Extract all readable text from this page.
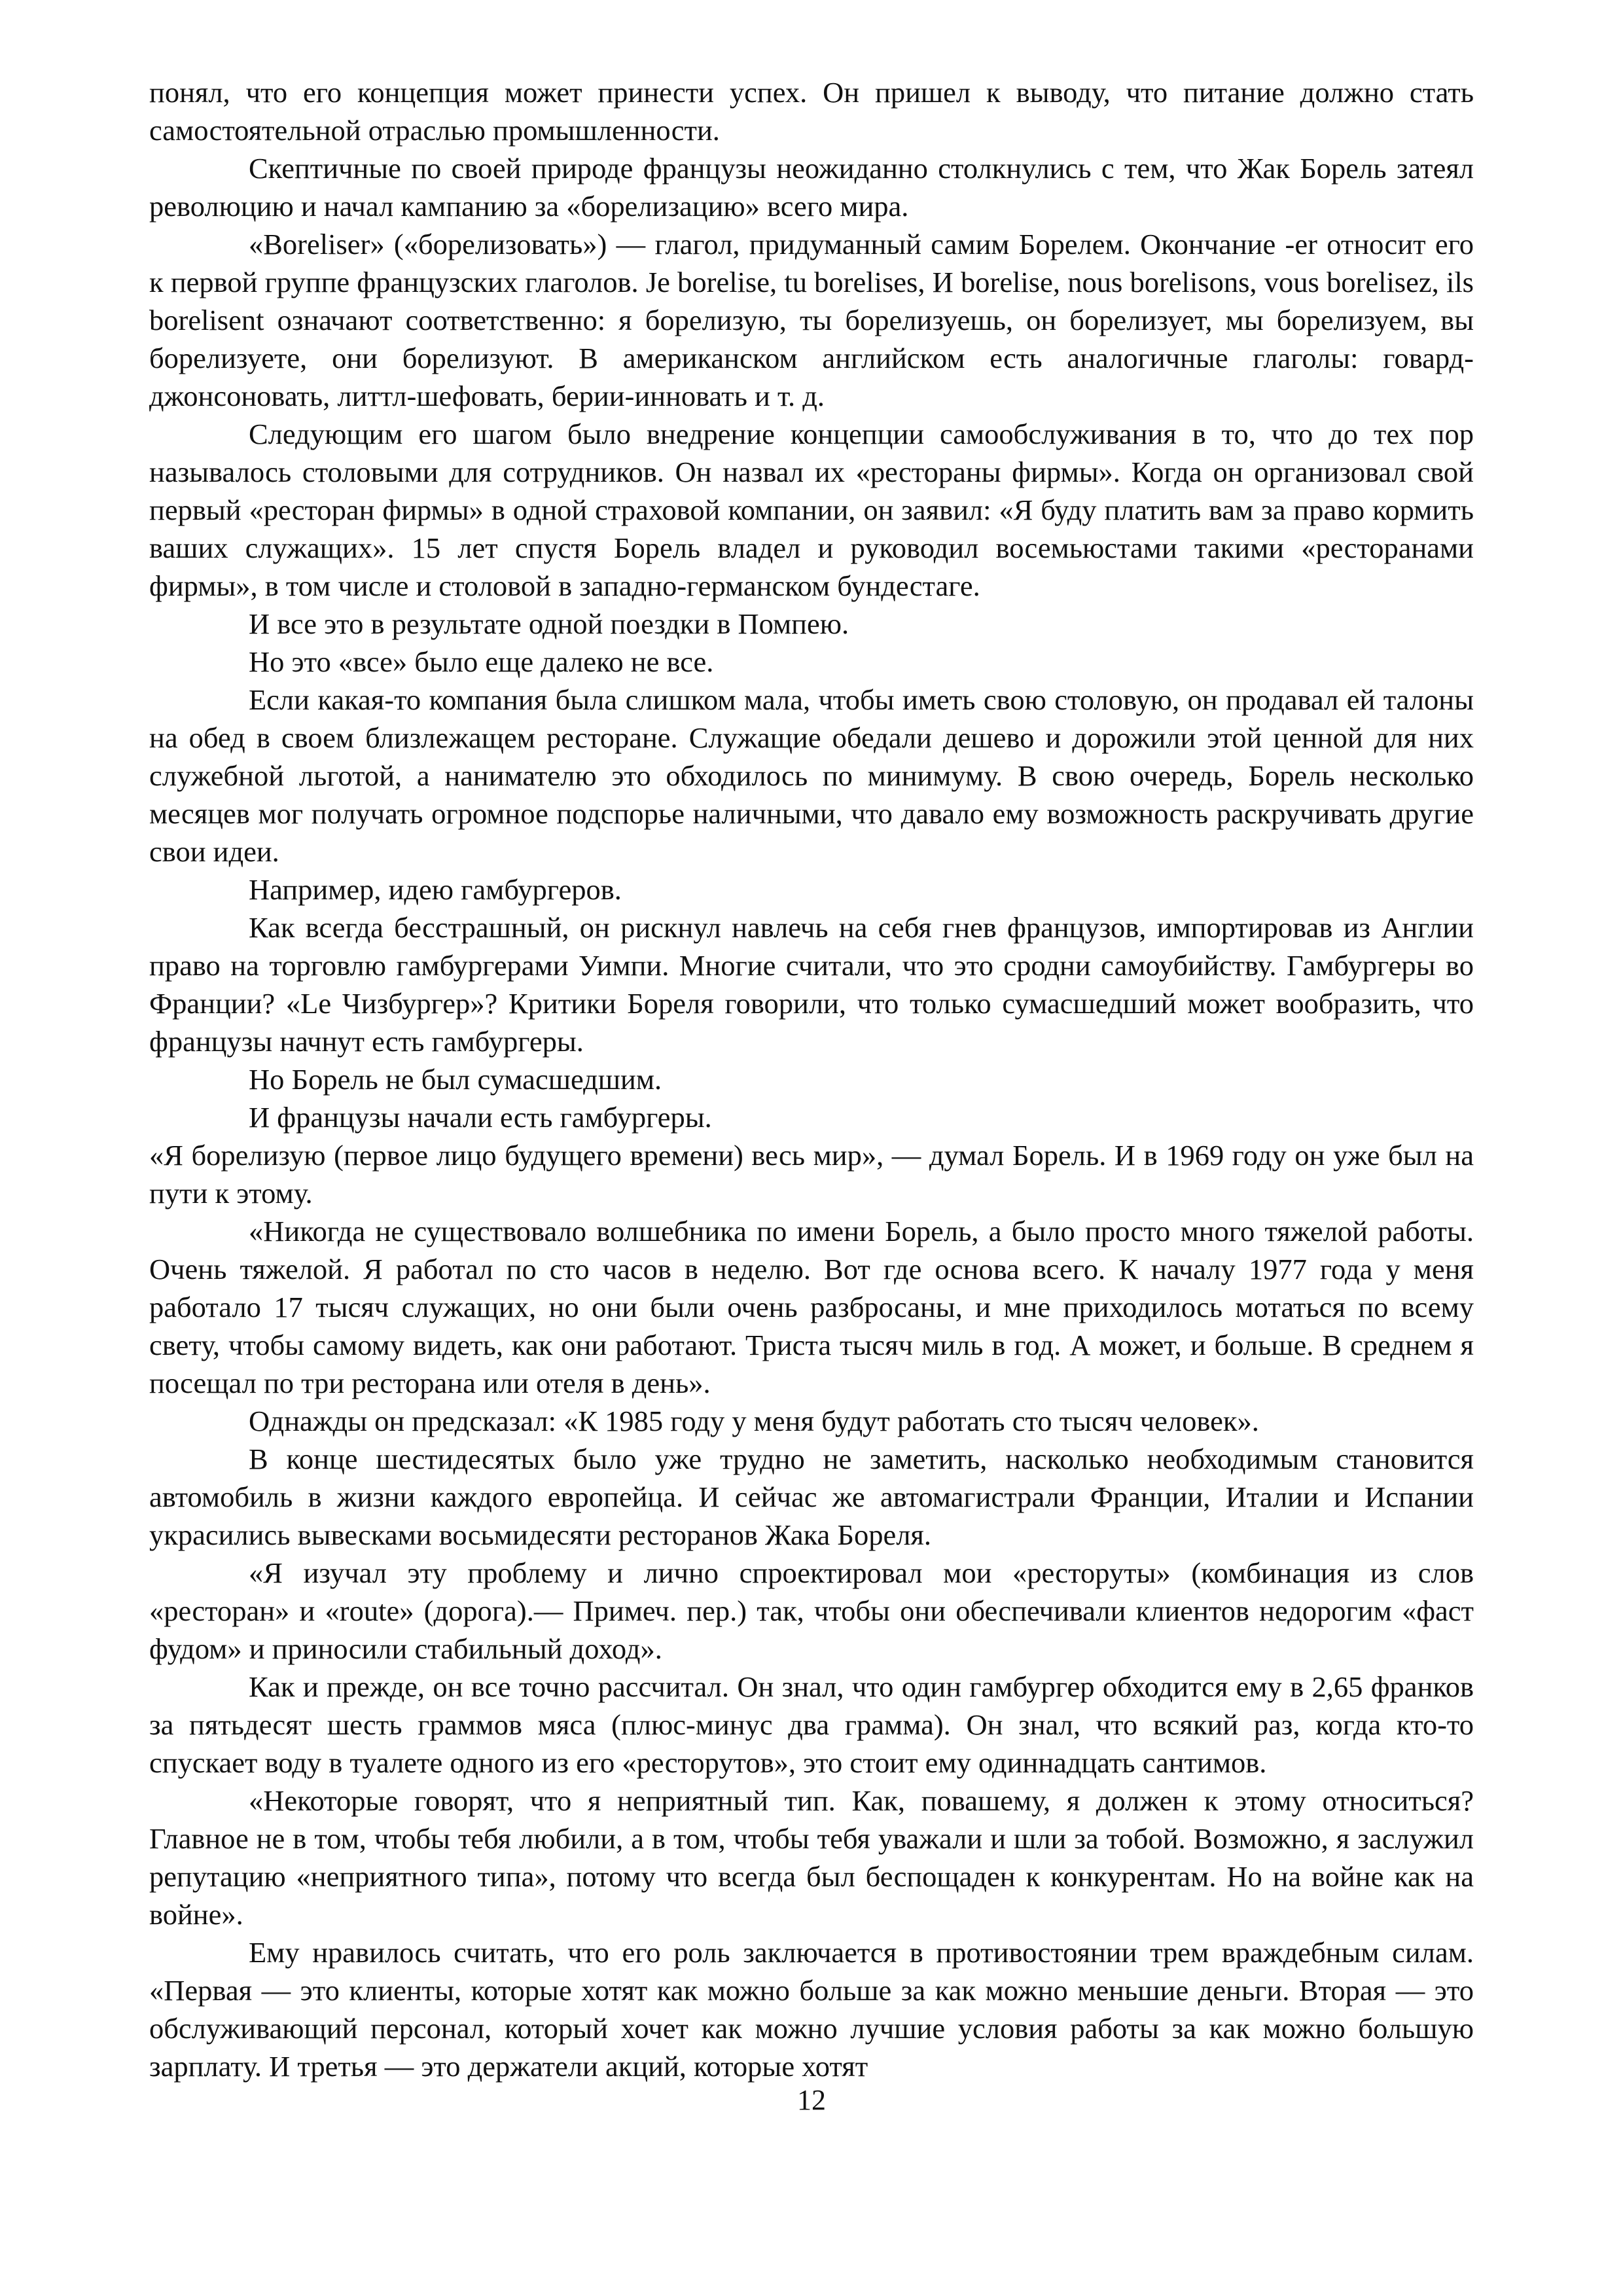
понял, что его концепция может принести успех. Он пришел к выводу, что питание должно стать самостоятельной отраслью промышленности.

Скептичные по своей природе французы неожиданно столкнулись с тем, что Жак Борель затеял революцию и начал кампанию за «борелизацию» всего мира.

«Boreliser» («борелизовать») — глагол, придуманный самим Борелем. Окончание -er относит его к первой группе французских глаголов. Je borelise, tu borelises, И borelise, nous borelisons, vous borelisez, ils borelisent означают соответственно: я борелизую, ты борелизуешь, он борелизует, мы борелизуем, вы борелизуете, они борелизуют. В американском английском есть аналогичные глаголы: говард-джонсоновать, литтл-шефовать, берии-инновать и т. д.

Следующим его шагом было внедрение концепции самообслуживания в то, что до тех пор называлось столовыми для сотрудников. Он назвал их «рестораны фирмы». Когда он организовал свой первый «ресторан фирмы» в одной страховой компании, он заявил: «Я буду платить вам за право кормить ваших служащих». 15 лет спустя Борель владел и руководил восемьюстами такими «ресторанами фирмы», в том числе и столовой в западно-германском бундестаге.

И все это в результате одной поездки в Помпею.

Но это «все» было еще далеко не все.

Если какая-то компания была слишком мала, чтобы иметь свою столовую, он продавал ей талоны на обед в своем близлежащем ресторане. Служащие обедали дешево и дорожили этой ценной для них служебной льготой, а нанимателю это обходилось по минимуму. В свою очередь, Борель несколько месяцев мог получать огромное подспорье наличными, что давало ему возможность раскручивать другие свои идеи.

Например, идею гамбургеров.

Как всегда бесстрашный, он рискнул навлечь на себя гнев французов, импортировав из Англии право на торговлю гамбургерами Уимпи. Многие считали, что это сродни самоубийству. Гамбургеры во Франции? «Le Чизбургер»? Критики Бореля говорили, что только сумасшедший может вообразить, что французы начнут есть гамбургеры.

Но Борель не был сумасшедшим.

И французы начали есть гамбургеры.

«Я борелизую (первое лицо будущего времени) весь мир», — думал Борель. И в 1969 году он уже был на пути к этому.

«Никогда не существовало волшебника по имени Борель, а было просто много тяжелой работы. Очень тяжелой. Я работал по сто часов в неделю. Вот где основа всего. К началу 1977 года у меня работало 17 тысяч служащих, но они были очень разбросаны, и мне приходилось мотаться по всему свету, чтобы самому видеть, как они работают. Триста тысяч миль в год. А может, и больше. В среднем я посещал по три ресторана или отеля в день».

Однажды он предсказал: «К 1985 году у меня будут работать сто тысяч человек».

В конце шестидесятых было уже трудно не заметить, насколько необходимым становится автомобиль в жизни каждого европейца. И сейчас же автомагистрали Франции, Италии и Испании украсились вывесками восьмидесяти ресторанов Жака Бореля.

«Я изучал эту проблему и лично спроектировал мои «ресторуты» (комбинация из слов «ресторан» и «route» (дорога).— Примеч. пер.) так, чтобы они обеспечивали клиентов недорогим «фаст фудом» и приносили стабильный доход».

Как и прежде, он все точно рассчитал. Он знал, что один гамбургер обходится ему в 2,65 франков за пятьдесят шесть граммов мяса (плюс-минус два грамма). Он знал, что всякий раз, когда кто-то спускает воду в туалете одного из его «ресторутов», это стоит ему одиннадцать сантимов.

«Некоторые говорят, что я неприятный тип. Как, повашему, я должен к этому относиться? Главное не в том, чтобы тебя любили, а в том, чтобы тебя уважали и шли за тобой. Возможно, я заслужил репутацию «неприятного типа», потому что всегда был беспощаден к конкурентам. Но на войне как на войне».

Ему нравилось считать, что его роль заключается в противостоянии трем враждебным силам. «Первая — это клиенты, которые хотят как можно больше за как можно меньшие деньги. Вторая — это обслуживающий персонал, который хочет как можно лучшие условия работы за как можно большую зарплату. И третья — это держатели акций, которые хотят

12
